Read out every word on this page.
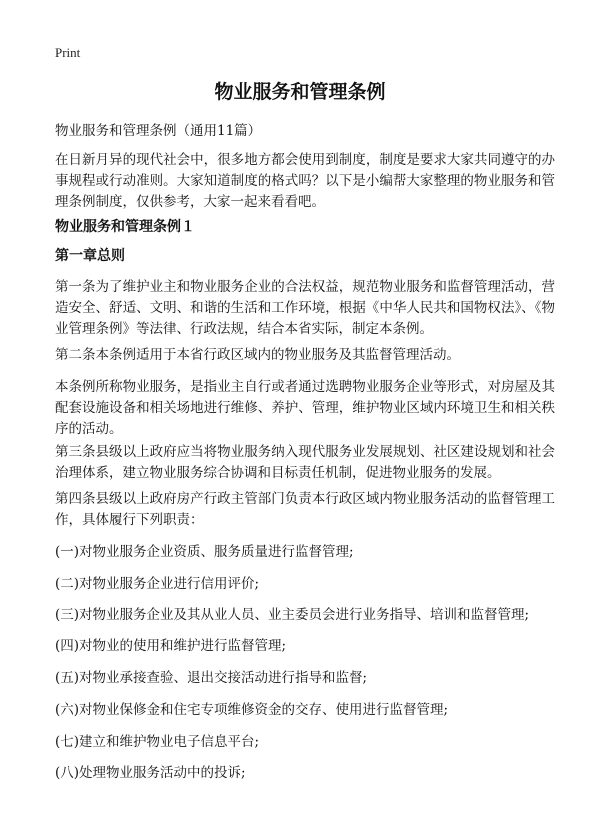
Print
物业服务和管理条例

物业服务和管理条例（通用11篇）

在日新月异的现代社会中，很多地方都会使用到制度，制度是要求大家共同遵守的办事规程或行动准则。大家知道制度的格式吗？以下是小编帮大家整理的物业服务和管理条例制度，仅供参考，大家一起来看看吧。

物业服务和管理条例１
第一章总则

第一条为了维护业主和物业服务企业的合法权益，规范物业服务和监督管理活动，营造安全、舒适、文明、和谐的生活和工作环境，根据《中华人民共和国物权法》、《物业管理条例》等法律、行政法规，结合本省实际，制定本条例。

第二条本条例适用于本省行政区域内的物业服务及其监督管理活动。

本条例所称物业服务，是指业主自行或者通过选聘物业服务企业等形式，对房屋及其配套设施设备和相关场地进行维修、养护、管理，维护物业区域内环境卫生和相关秩序的活动。

第三条县级以上政府应当将物业服务纳入现代服务业发展规划、社区建设规划和社会治理体系，建立物业服务综合协调和目标责任机制，促进物业服务的发展。

第四条县级以上政府房产行政主管部门负责本行政区域内物业服务活动的监督管理工作，具体履行下列职责：

(一)对物业服务企业资质、服务质量进行监督管理;

(二)对物业服务企业进行信用评价;

(三)对物业服务企业及其从业人员、业主委员会进行业务指导、培训和监督管理;

(四)对物业的使用和维护进行监督管理;

(五)对物业承接查验、退出交接活动进行指导和监督;

(六)对物业保修金和住宅专项维修资金的交存、使用进行监督管理;

(七)建立和维护物业电子信息平台;

(八)处理物业服务活动中的投诉;
